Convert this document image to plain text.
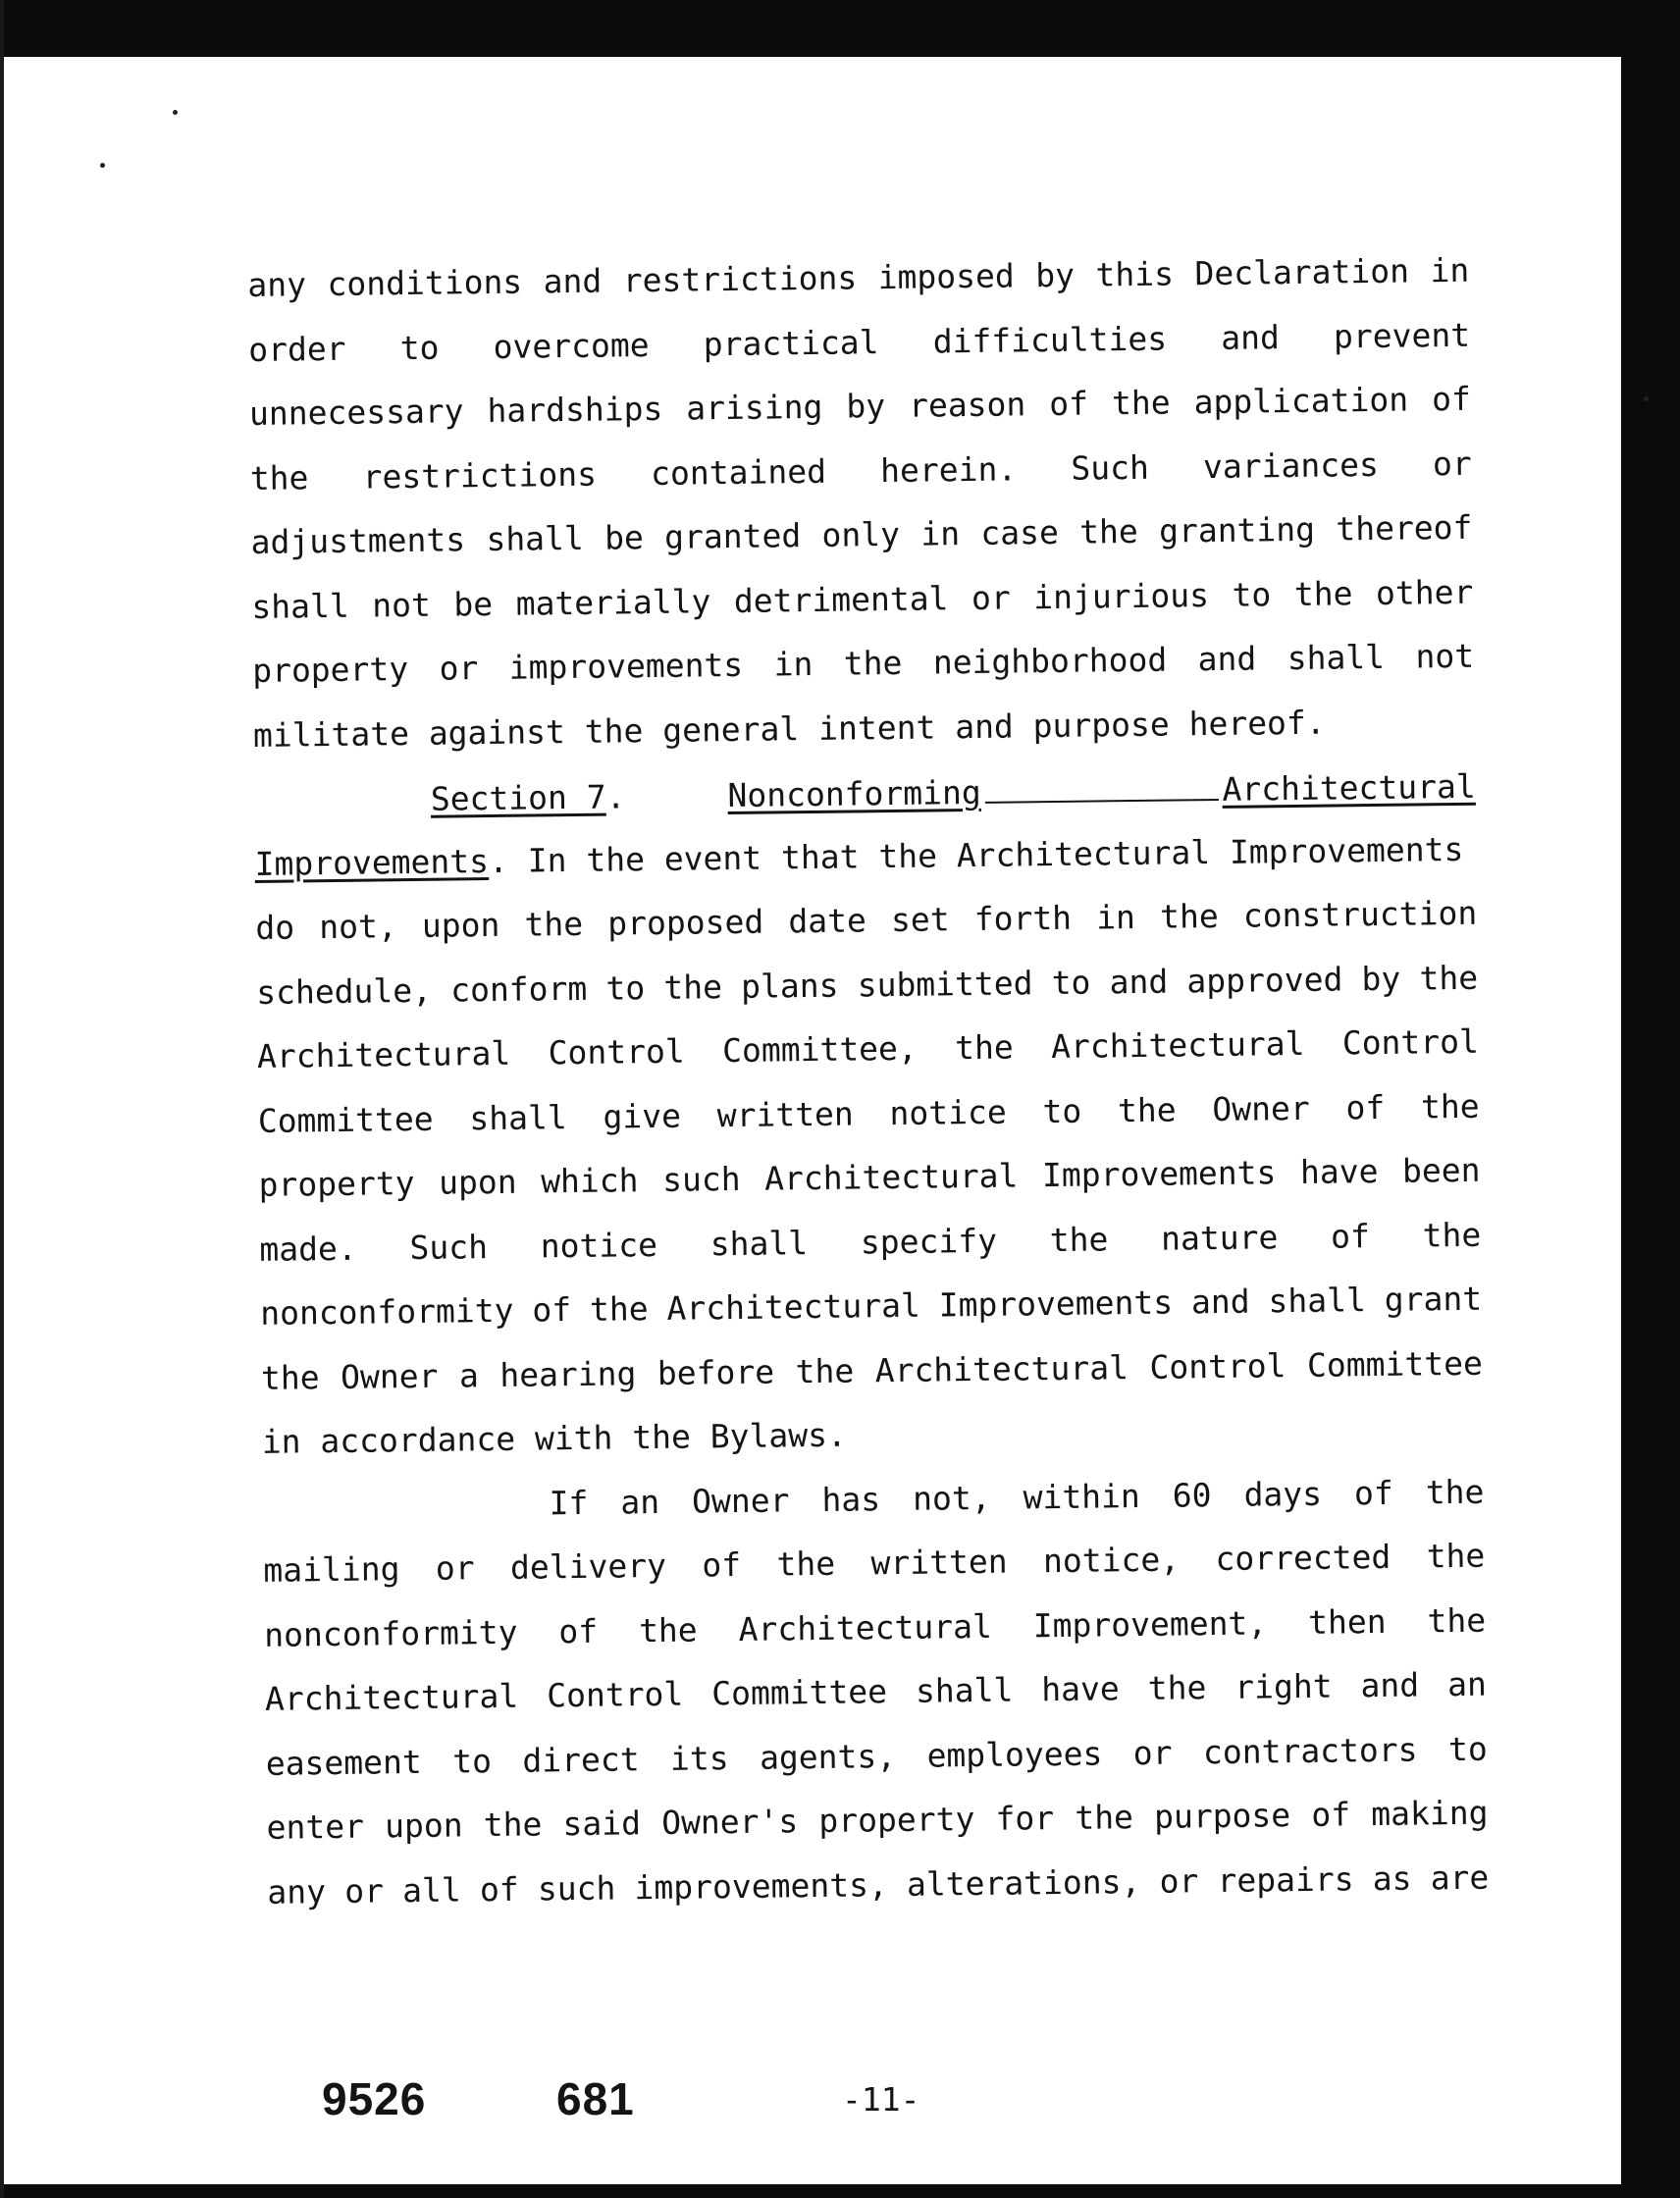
any conditions and restrictions imposed by this Declaration in
order to overcome practical difficulties and prevent
unnecessary hardships arising by reason of the application of
the restrictions contained herein. Such variances or
adjustments shall be granted only in case the granting thereof
shall not be materially detrimental or injurious to the other
property or improvements in the neighborhood and shall not
militate against the general intent and purpose hereof.
Section 7 .	Nonconforming	Architectural
Improvements . In the event that the Architectural Improvements
do not, upon the proposed date set forth in the construction
schedule, conform to the plans submitted to and approved by the
Architectural Control Committee, the Architectural Control
Committee shall give written notice to the Owner of the
property upon which such Architectural Improvements have been
made. Such notice shall specify the nature of the
nonconformity of the Architectural Improvements and shall grant
the Owner a hearing before the Architectural Control Committee
in accordance with the Bylaws.
If an Owner has not, within 60 days of the
mailing or delivery of the written notice, corrected the
nonconformity of the Architectural Improvement, then the
Architectural Control Committee shall have the right and an
easement to direct its agents, employees or contractors to
enter upon the said Owner's property for the purpose of making
any or all of such improvements, alterations, or repairs as are
9526	681	-11-
